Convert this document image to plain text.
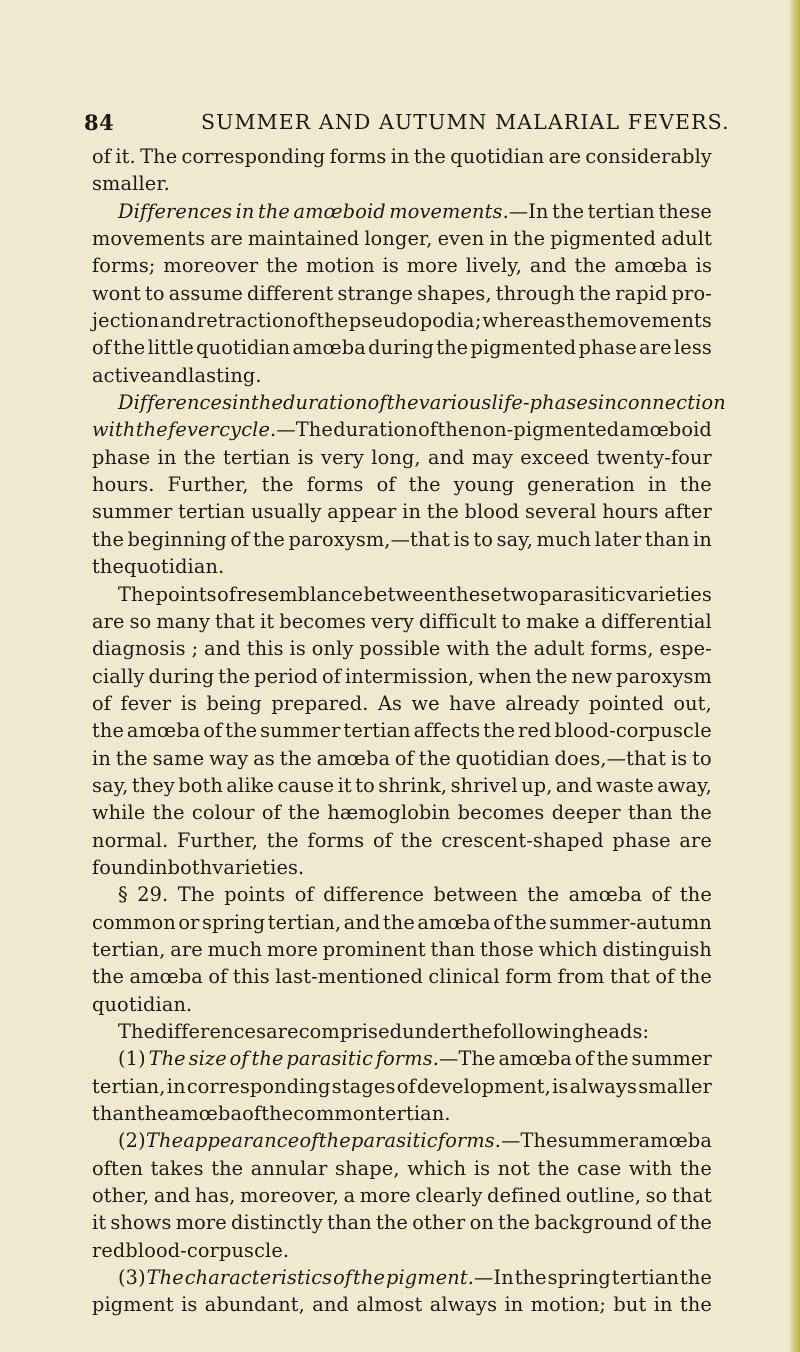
84	SUMMER AND AUTUMN MALARIAL FEVERS.
of it. The corresponding forms in the quotidian are considerably
smaller.
Differences in the amœboid movements.—In the tertian these
movements are maintained longer, even in the pigmented adult
forms; moreover the motion is more lively, and the amœba is
wont to assume different strange shapes, through the rapid pro-
jection and retraction of the pseudopodia ; whereas the movements
of the little quotidian amœba during the pigmented phase are less
active and lasting.
Differences in the duration of the various life-phases in connection
with the fever cycle.—The duration of the non-pigmented amœboid
phase in the tertian is very long, and may exceed twenty-four
hours. Further, the forms of the young generation in the
summer tertian usually appear in the blood several hours after
the beginning of the paroxysm,—that is to say, much later than in
the quotidian.
The points of resemblance between these two parasitic varieties
are so many that it becomes very difficult to make a differential
diagnosis ; and this is only possible with the adult forms, espe-
cially during the period of intermission, when the new paroxysm
of fever is being prepared. As we have already pointed out,
the amœba of the summer tertian affects the red blood-corpuscle
in the same way as the amœba of the quotidian does,—that is to
say, they both alike cause it to shrink, shrivel up, and waste away,
while the colour of the hæmoglobin becomes deeper than the
normal. Further, the forms of the crescent-shaped phase are
found in both varieties.
§ 29. The points of difference between the amœba of the
common or spring tertian, and the amœba of the summer-autumn
tertian, are much more prominent than those which distinguish
the amœba of this last-mentioned clinical form from that of the
quotidian.
The differences are comprised under the following heads :
(1) The size of the parasitic forms.—The amœba of the summer
tertian, in corresponding stages of development, is always smaller
than the amœba of the common tertian.
(2) The appearance of the parasitic forms.—The summer amœba
often takes the annular shape, which is not the case with the
other, and has, moreover, a more clearly defined outline, so that
it shows more distinctly than the other on the background of the
red blood-corpuscle.
(3) The characteristics of the pigment.—In the spring tertian the
pigment is abundant, and almost always in motion; but in the
